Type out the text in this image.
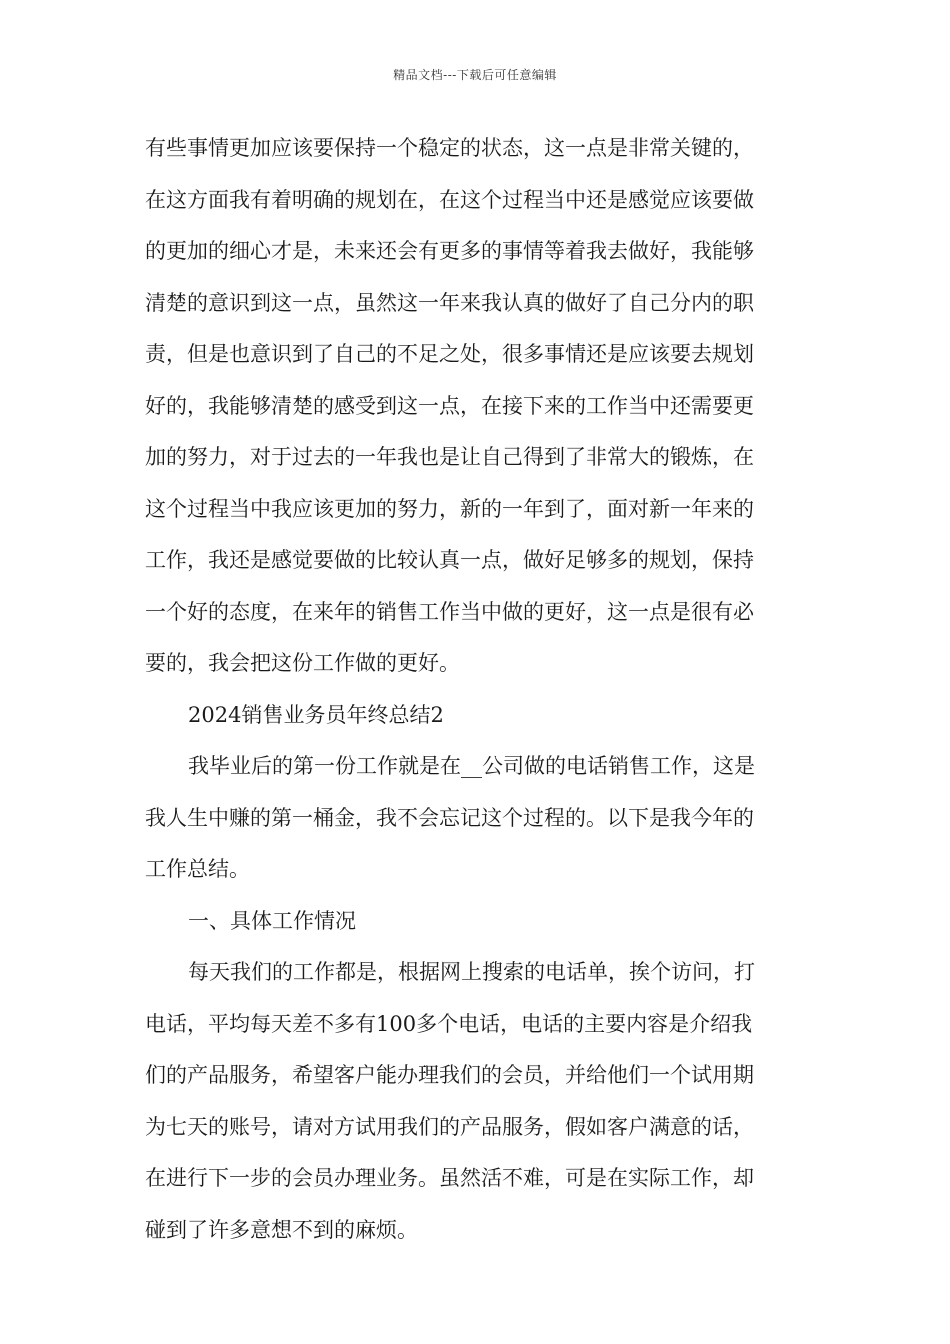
精品文档---下载后可任意编辑
有些事情更加应该要保持一个稳定的状态，这一点是非常关键的，
在这方面我有着明确的规划在，在这个过程当中还是感觉应该要做
的更加的细心才是，未来还会有更多的事情等着我去做好，我能够
清楚的意识到这一点，虽然这一年来我认真的做好了自己分内的职
责，但是也意识到了自己的不足之处，很多事情还是应该要去规划
好的，我能够清楚的感受到这一点，在接下来的工作当中还需要更
加的努力，对于过去的一年我也是让自己得到了非常大的锻炼，在
这个过程当中我应该更加的努力，新的一年到了，面对新一年来的
工作，我还是感觉要做的比较认真一点，做好足够多的规划，保持
一个好的态度，在来年的销售工作当中做的更好，这一点是很有必
要的，我会把这份工作做的更好。
2024销售业务员年终总结2
我毕业后的第一份工作就是在__公司做的电话销售工作，这是
我人生中赚的第一桶金，我不会忘记这个过程的。以下是我今年的
工作总结。
一、具体工作情况
每天我们的工作都是，根据网上搜索的电话单，挨个访问，打
电话，平均每天差不多有100多个电话，电话的主要内容是介绍我
们的产品服务，希望客户能办理我们的会员，并给他们一个试用期
为七天的账号，请对方试用我们的产品服务，假如客户满意的话，
在进行下一步的会员办理业务。虽然活不难，可是在实际工作，却
碰到了许多意想不到的麻烦。
